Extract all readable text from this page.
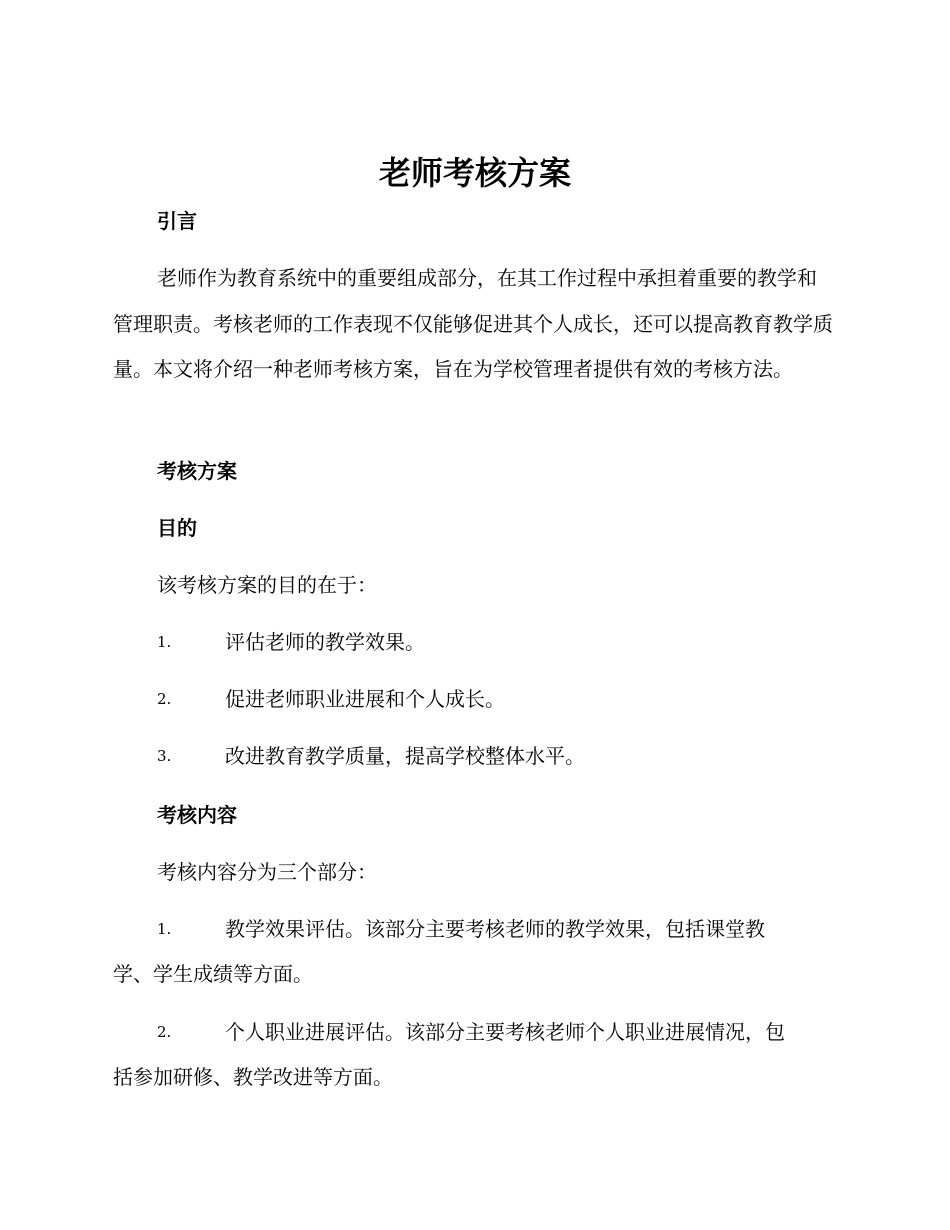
老师考核方案
引言
老师作为教育系统中的重要组成部分，在其工作过程中承担着重要的教学和管理职责。考核老师的工作表现不仅能够促进其个人成长，还可以提高教育教学质量。本文将介绍一种老师考核方案，旨在为学校管理者提供有效的考核方法。
考核方案
目的
该考核方案的目的在于：
1.	评估老师的教学效果。
2.	促进老师职业进展和个人成长。
3.	改进教育教学质量，提高学校整体水平。
考核内容
考核内容分为三个部分：
1.	教学效果评估。该部分主要考核老师的教学效果，包括课堂教
学、学生成绩等方面。
2.	个人职业进展评估。该部分主要考核老师个人职业进展情况，包
括参加研修、教学改进等方面。
